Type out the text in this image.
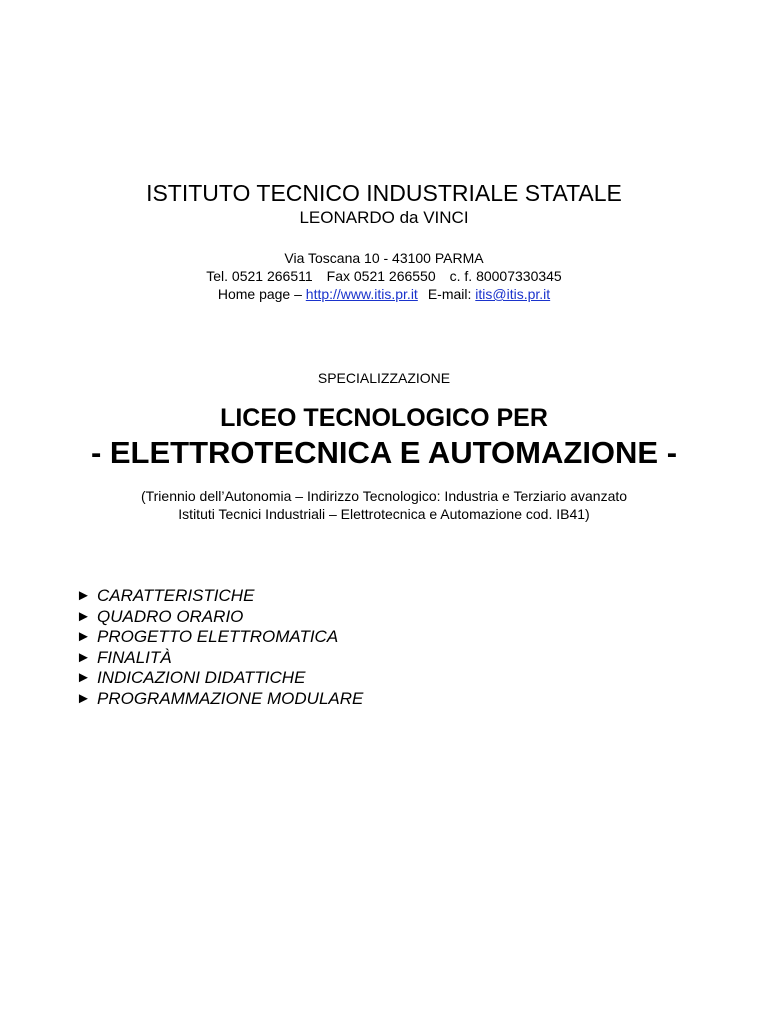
ISTITUTO TECNICO INDUSTRIALE STATALE
LEONARDO da VINCI
Via Toscana 10 - 43100 PARMA
Tel. 0521 266511 Fax 0521 266550 c. f. 80007330345
Home page – http://www.itis.pr.it E-mail: itis@itis.pr.it
SPECIALIZZAZIONE
LICEO TECNOLOGICO PER
- ELETTROTECNICA E AUTOMAZIONE -
(Triennio dell’Autonomia – Indirizzo Tecnologico: Industria e Terziario avanzato
Istituti Tecnici Industriali – Elettrotecnica e Automazione cod. IB41)
► CARATTERISTICHE
► QUADRO ORARIO
► PROGETTO ELETTROMATICA
► FINALITÀ
► INDICAZIONI DIDATTICHE
► PROGRAMMAZIONE MODULARE
